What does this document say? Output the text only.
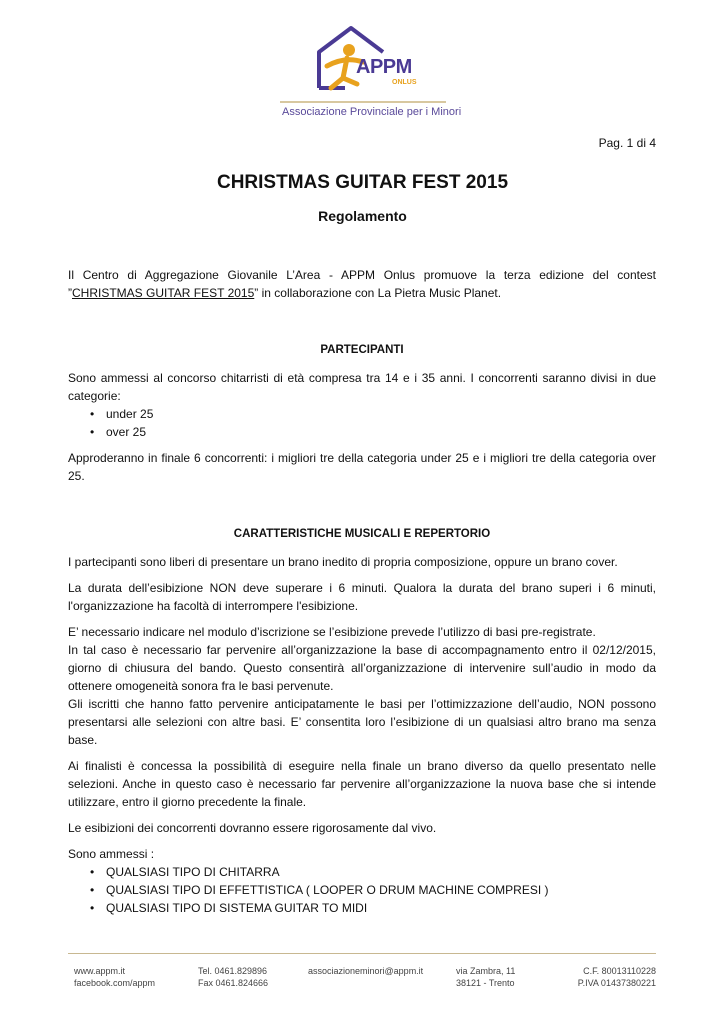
APPM
ONLUS
Associazione Provinciale per i Minori
Pag. 1 di 4
CHRISTMAS GUITAR FEST 2015
Regolamento

Il Centro di Aggregazione Giovanile L’Area - APPM Onlus promuove la terza edizione del contest ”CHRISTMAS GUITAR FEST 2015” in collaborazione con La Pietra Music Planet.

PARTECIPANTI

Sono ammessi al concorso chitarristi di età compresa tra 14 e i 35 anni. I concorrenti saranno divisi in due categorie:

• under 25
• over 25

Approderanno in finale 6 concorrenti: i migliori tre della categoria under 25 e i migliori tre della categoria over 25.

CARATTERISTICHE MUSICALI E REPERTORIO

I partecipanti sono liberi di presentare un brano inedito di propria composizione, oppure un brano cover.

La durata dell’esibizione NON deve superare i 6 minuti. Qualora la durata del brano superi i 6 minuti, l'organizzazione ha facoltà di interrompere l'esibizione.

E’ necessario indicare nel modulo d’iscrizione se l’esibizione prevede l’utilizzo di basi pre-registrate.

In tal caso è necessario far pervenire all’organizzazione la base di accompagnamento entro il 02/12/2015, giorno di chiusura del bando. Questo consentirà all’organizzazione di intervenire sull’audio in modo da ottenere omogeneità sonora fra le basi pervenute.

Gli iscritti che hanno fatto pervenire anticipatamente le basi per l’ottimizzazione dell’audio, NON possono presentarsi alle selezioni con altre basi. E’ consentita loro l’esibizione di un qualsiasi altro brano ma senza base.

Ai finalisti è concessa la possibilità di eseguire nella finale un brano diverso da quello presentato nelle selezioni. Anche in questo caso è necessario far pervenire all’organizzazione la nuova base che si intende utilizzare, entro il giorno precedente la finale.

Le esibizioni dei concorrenti dovranno essere rigorosamente dal vivo.

Sono ammessi :

• QUALSIASI TIPO DI CHITARRA
• QUALSIASI TIPO DI EFFETTISTICA ( LOOPER O DRUM MACHINE COMPRESI )
• QUALSIASI TIPO DI SISTEMA GUITAR TO MIDI
www.appm.it
facebook.com/appm
Tel. 0461.829896
Fax 0461.824666
associazioneminori@appm.it	via Zambra, 11
38121 - Trento
C.F. 80013110228
P.IVA 01437380221
